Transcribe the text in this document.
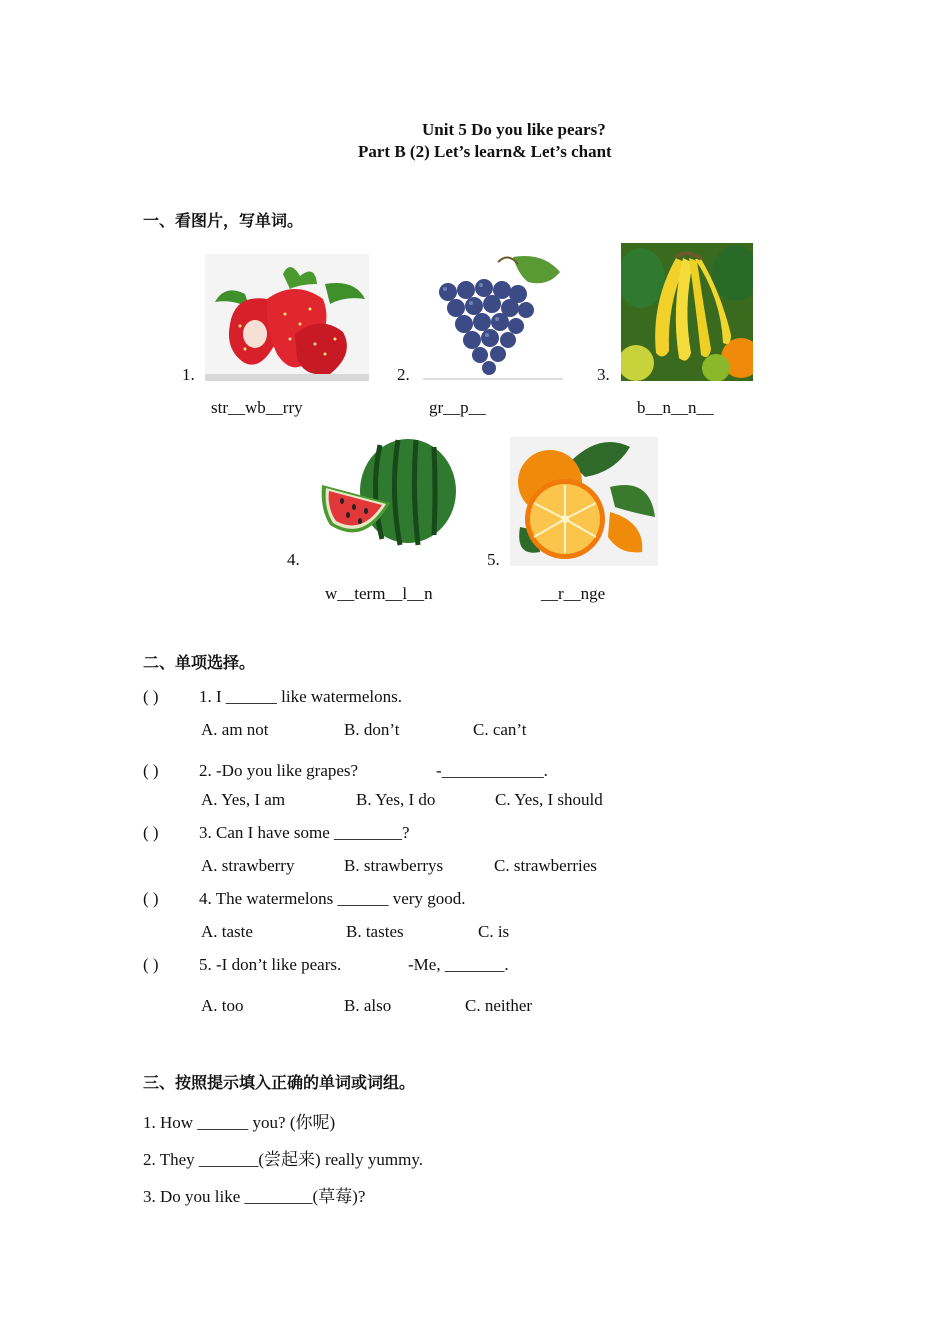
Unit 5 Do you like pears?
Part B (2) Let’s learn& Let’s chant
一、看图片，写单词。
1.
str__wb__rry
2.
gr__p__
3.
b__n__n__
4.
w__term__l__n
5.
__r__nge
二、单项选择。
( ) 1. I ______ like watermelons.
A. am not	B. don’t	C. can’t
( ) 2. -Do you like grapes?	-____________.
A. Yes, I am	B. Yes, I do	C. Yes, I should
( ) 3. Can I have some ________?
A. strawberry	B. strawberrys	C. strawberries
( ) 4. The watermelons ______ very good.
A. taste	B. tastes	C. is
( ) 5. -I don’t like pears.	-Me, _______.
A. too	B. also	C. neither
三、按照提示填入正确的单词或词组。
1. How ______ you? (你呢)
2. They _______(尝起来) really yummy.
3. Do you like ________(草莓)?
